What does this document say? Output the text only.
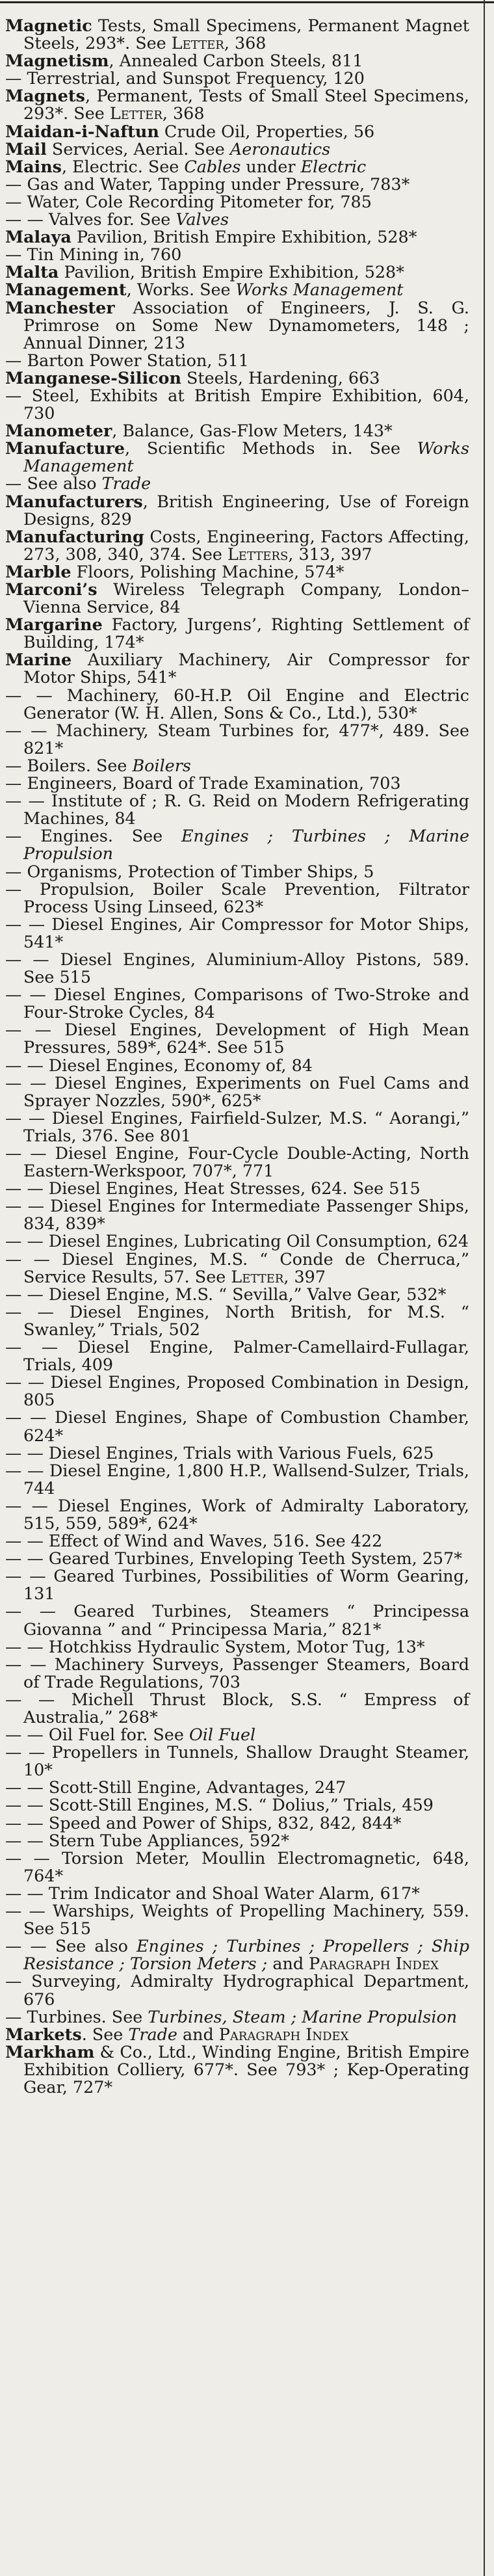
Magnetic Tests, Small Specimens, Permanent Magnet Steels, 293*. See Letter, 368

Magnetism, Annealed Carbon Steels, 811

— Terrestrial, and Sunspot Frequency, 120

Magnets, Permanent, Tests of Small Steel Specimens, 293*. See Letter, 368

Maidan-i-Naftun Crude Oil, Properties, 56

Mail Services, Aerial. See Aeronautics

Mains, Electric. See Cables under Electric

— Gas and Water, Tapping under Pressure, 783*

— Water, Cole Recording Pitometer for, 785

— — Valves for. See Valves

Malaya Pavilion, British Empire Exhibition, 528*

— Tin Mining in, 760

Malta Pavilion, British Empire Exhibition, 528*

Management, Works. See Works Management

Manchester Association of Engineers, J. S. G. Primrose on Some New Dynamometers, 148 ; Annual Dinner, 213

— Barton Power Station, 511

Manganese-Silicon Steels, Hardening, 663

— Steel, Exhibits at British Empire Exhibition, 604, 730

Manometer, Balance, Gas-Flow Meters, 143*

Manufacture, Scientific Methods in. See Works Management

— See also Trade

Manufacturers, British Engineering, Use of Foreign Designs, 829

Manufacturing Costs, Engineering, Factors Affecting, 273, 308, 340, 374. See Letters, 313, 397

Marble Floors, Polishing Machine, 574*

Marconi’s Wireless Telegraph Company, London–Vienna Service, 84

Margarine Factory, Jurgens’, Righting Settlement of Building, 174*

Marine Auxiliary Machinery, Air Compressor for Motor Ships, 541*

— — Machinery, 60-H.P. Oil Engine and Electric Generator (W. H. Allen, Sons & Co., Ltd.), 530*

— — Machinery, Steam Turbines for, 477*, 489. See 821*

— Boilers. See Boilers

— Engineers, Board of Trade Examination, 703

— — Institute of ; R. G. Reid on Modern Refrigerating Machines, 84

— Engines. See Engines ; Turbines ; Marine Propulsion

— Organisms, Protection of Timber Ships, 5

— Propulsion, Boiler Scale Prevention, Filtrator Process Using Linseed, 623*

— — Diesel Engines, Air Compressor for Motor Ships, 541*

— — Diesel Engines, Aluminium-Alloy Pistons, 589. See 515

— — Diesel Engines, Comparisons of Two-Stroke and Four-Stroke Cycles, 84

— — Diesel Engines, Development of High Mean Pressures, 589*, 624*. See 515

— — Diesel Engines, Economy of, 84

— — Diesel Engines, Experiments on Fuel Cams and Sprayer Nozzles, 590*, 625*

— — Diesel Engines, Fairfield-Sulzer, M.S. “ Aorangi,” Trials, 376. See 801

— — Diesel Engine, Four-Cycle Double-Acting, North Eastern-Werkspoor, 707*, 771

— — Diesel Engines, Heat Stresses, 624. See 515

— — Diesel Engines for Intermediate Passenger Ships, 834, 839*

— — Diesel Engines, Lubricating Oil Consumption, 624

— — Diesel Engines, M.S. “ Conde de Cherruca,” Service Results, 57. See Letter, 397

— — Diesel Engine, M.S. “ Sevilla,” Valve Gear, 532*

— — Diesel Engines, North British, for M.S. “ Swanley,” Trials, 502

— — Diesel Engine, Palmer-Camellaird-Fullagar, Trials, 409

— — Diesel Engines, Proposed Combination in Design, 805

— — Diesel Engines, Shape of Combustion Chamber, 624*

— — Diesel Engines, Trials with Various Fuels, 625

— — Diesel Engine, 1,800 H.P., Wallsend-Sulzer, Trials, 744

— — Diesel Engines, Work of Admiralty Laboratory, 515, 559, 589*, 624*

— — Effect of Wind and Waves, 516. See 422

— — Geared Turbines, Enveloping Teeth System, 257*

— — Geared Turbines, Possibilities of Worm Gearing, 131

— — Geared Turbines, Steamers “ Principessa Giovanna ” and “ Principessa Maria,” 821*

— — Hotchkiss Hydraulic System, Motor Tug, 13*

— — Machinery Surveys, Passenger Steamers, Board of Trade Regulations, 703

— — Michell Thrust Block, S.S. “ Empress of Australia,” 268*

— — Oil Fuel for. See Oil Fuel

— — Propellers in Tunnels, Shallow Draught Steamer, 10*

— — Scott-Still Engine, Advantages, 247

— — Scott-Still Engines, M.S. “ Dolius,” Trials, 459

— — Speed and Power of Ships, 832, 842, 844*

— — Stern Tube Appliances, 592*

— — Torsion Meter, Moullin Electromagnetic, 648, 764*

— — Trim Indicator and Shoal Water Alarm, 617*

— — Warships, Weights of Propelling Machinery, 559. See 515

— — See also Engines ; Turbines ; Propellers ; Ship Resistance ; Torsion Meters ; and Paragraph Index

— Surveying, Admiralty Hydrographical Department, 676

— Turbines. See Turbines, Steam ; Marine Propulsion

Markets. See Trade and Paragraph Index

Markham & Co., Ltd., Winding Engine, British Empire Exhibition Colliery, 677*. See 793* ; Kep-Operating Gear, 727*
